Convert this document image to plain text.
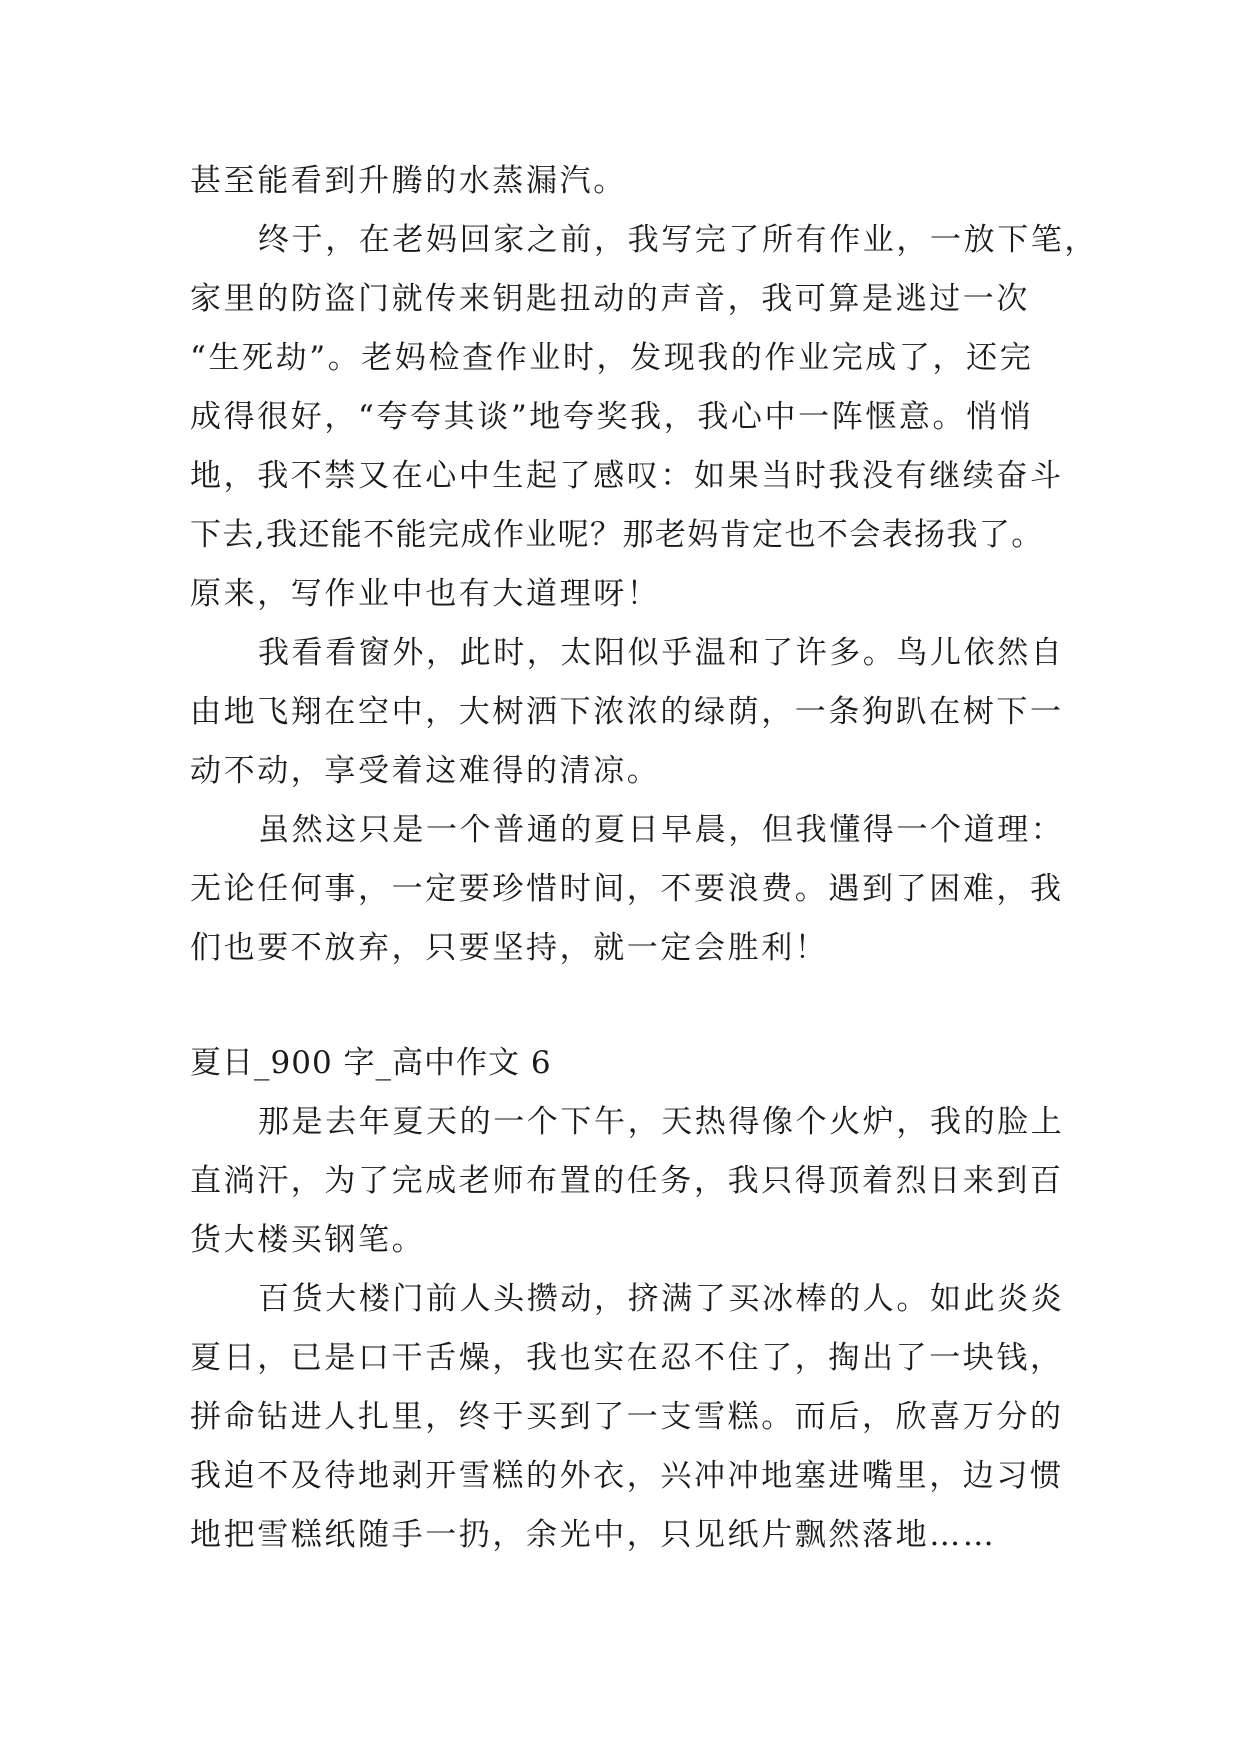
甚至能看到升腾的水蒸漏汽。
终于，在老妈回家之前，我写完了所有作业，一放下笔，
家里的防盗门就传来钥匙扭动的声音，我可算是逃过一次
“生死劫”。老妈检查作业时，发现我的作业完成了，还完
成得很好，“夸夸其谈”地夸奖我，我心中一阵惬意。悄悄
地，我不禁又在心中生起了感叹：如果当时我没有继续奋斗
下去,我还能不能完成作业呢？那老妈肯定也不会表扬我了。
原来，写作业中也有大道理呀！
我看看窗外，此时，太阳似乎温和了许多。鸟儿依然自
由地飞翔在空中，大树洒下浓浓的绿荫，一条狗趴在树下一
动不动，享受着这难得的清凉。
虽然这只是一个普通的夏日早晨，但我懂得一个道理：
无论任何事，一定要珍惜时间，不要浪费。遇到了困难，我
们也要不放弃，只要坚持，就一定会胜利！
夏日_900 字_高中作文 6
那是去年夏天的一个下午，天热得像个火炉，我的脸上
直淌汗，为了完成老师布置的任务，我只得顶着烈日来到百
货大楼买钢笔。
百货大楼门前人头攒动，挤满了买冰棒的人。如此炎炎
夏日，已是口干舌燥，我也实在忍不住了，掏出了一块钱，
拼命钻进人扎里，终于买到了一支雪糕。而后，欣喜万分的
我迫不及待地剥开雪糕的外衣，兴冲冲地塞进嘴里，边习惯
地把雪糕纸随手一扔，余光中，只见纸片飘然落地……
